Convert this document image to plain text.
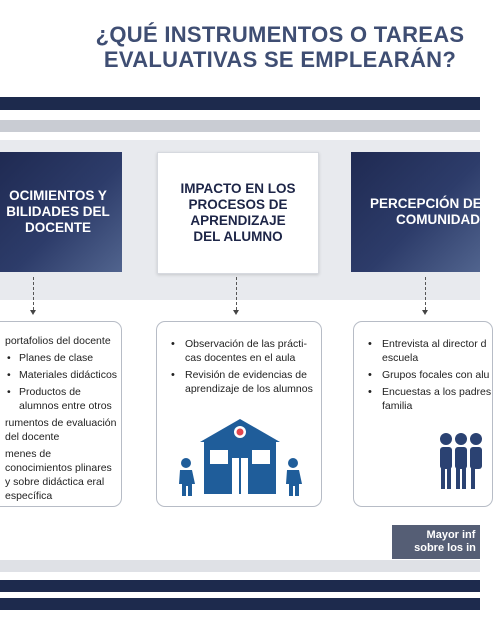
¿QUÉ INSTRUMENTOS O TAREAS
EVALUATIVAS SE EMPLEARÁN?
OCIMIENTOS Y
BILIDADES DEL
DOCENTE
IMPACTO EN LOS
PROCESOS DE
APRENDIZAJE
DEL ALUMNO
PERCEPCIÓN DE
COMUNIDAD
portafolios del docente
• Planes de clase
• Materiales didácticos
• Productos de alumnos entre otros
rumentos de evaluación del docente
menes de conocimientos plinares y sobre didáctica eral específica
• Observación de las prácti- cas docentes en el aula
• Revisión de evidencias de aprendizaje de los alumnos
• Entrevista al director d escuela
• Grupos focales con alu
• Encuestas a los padres familia
Mayor inf
sobre los in
